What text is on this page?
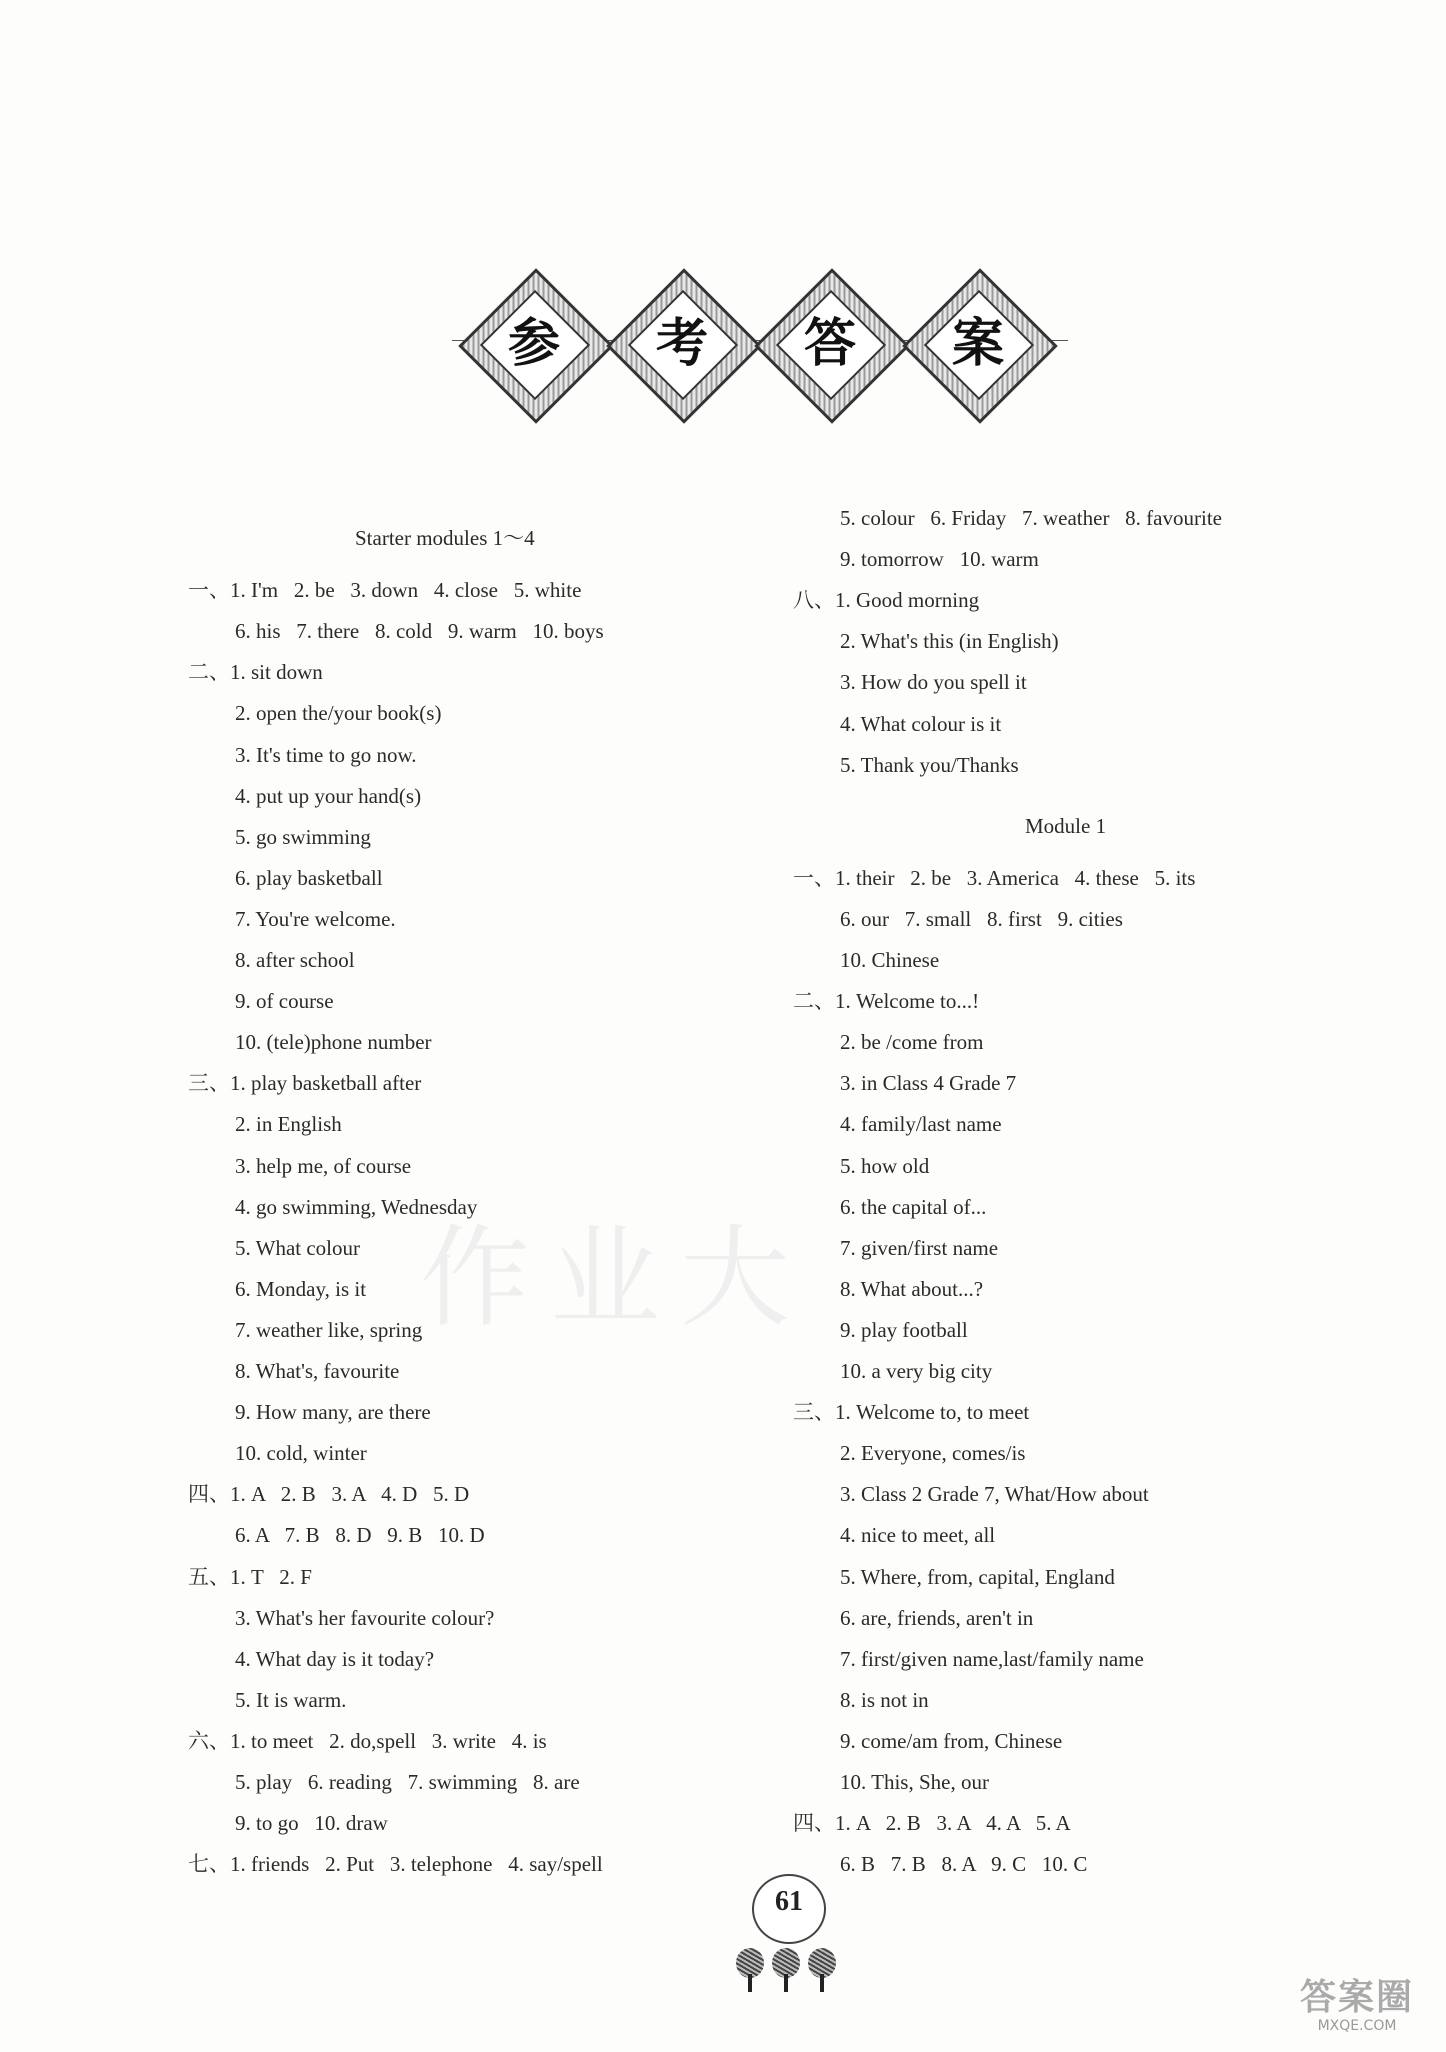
参	考	答	案
作业大
61
答案圈
MXQE.COM
Starter modules 1～4
一、1. I'm   2. be   3. down   4. close   5. white
6. his   7. there   8. cold   9. warm   10. boys
二、1. sit down
2. open the/your book(s)
3. It's time to go now.
4. put up your hand(s)
5. go swimming
6. play basketball
7. You're welcome.
8. after school
9. of course
10. (tele)phone number
三、1. play basketball after
2. in English
3. help me, of course
4. go swimming, Wednesday
5. What colour
6. Monday, is it
7. weather like, spring
8. What's, favourite
9. How many, are there
10. cold, winter
四、1. A   2. B   3. A   4. D   5. D
6. A   7. B   8. D   9. B   10. D
五、1. T   2. F
3. What's her favourite colour?
4. What day is it today?
5. It is warm.
六、1. to meet   2. do,spell   3. write   4. is
5. play   6. reading   7. swimming   8. are
9. to go   10. draw
七、1. friends   2. Put   3. telephone   4. say/spell
5. colour   6. Friday   7. weather   8. favourite
9. tomorrow   10. warm
八、1. Good morning
2. What's this (in English)
3. How do you spell it
4. What colour is it
5. Thank you/Thanks
Module 1
一、1. their   2. be   3. America   4. these   5. its
6. our   7. small   8. first   9. cities
10. Chinese
二、1. Welcome to...!
2. be /come from
3. in Class 4 Grade 7
4. family/last name
5. how old
6. the capital of...
7. given/first name
8. What about...?
9. play football
10. a very big city
三、1. Welcome to, to meet
2. Everyone, comes/is
3. Class 2 Grade 7, What/How about
4. nice to meet, all
5. Where, from, capital, England
6. are, friends, aren't in
7. first/given name,last/family name
8. is not in
9. come/am from, Chinese
10. This, She, our
四、1. A   2. B   3. A   4. A   5. A
6. B   7. B   8. A   9. C   10. C
